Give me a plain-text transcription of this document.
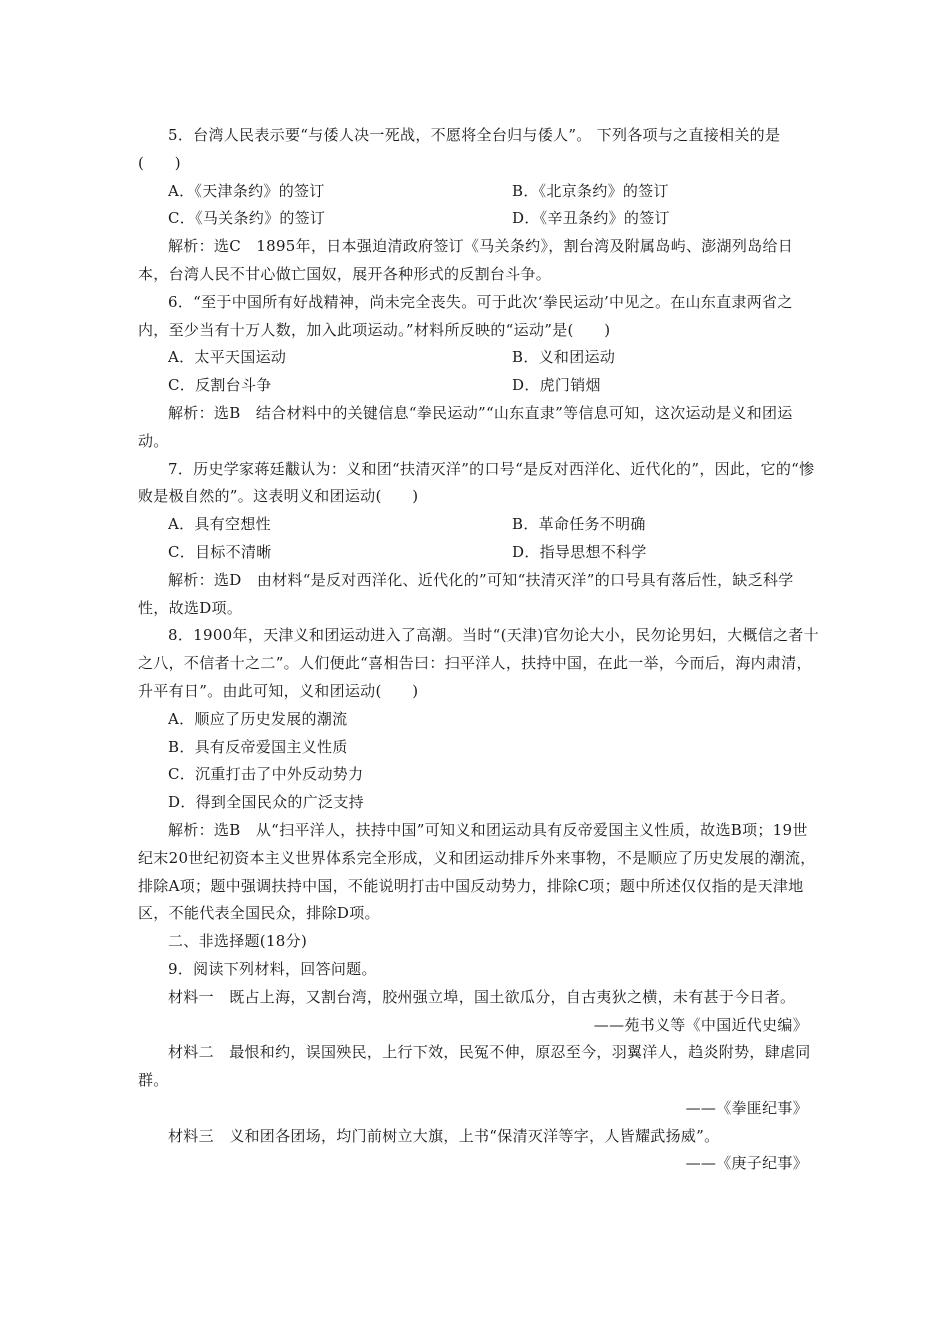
5．台湾人民表示要“与倭人决一死战，不愿将全台归与倭人”。 下列各项与之直接相关的是(　　)

A．《天津条约》的签订	B．《北京条约》的签订
C．《马关条约》的签订	D．《辛丑条约》的签订

解析：选C　1895年，日本强迫清政府签订《马关条约》，割台湾及附属岛屿、澎湖列岛给日本，台湾人民不甘心做亡国奴，展开各种形式的反割台斗争。

6．“至于中国所有好战精神，尚未完全丧失。可于此次‘拳民运动’中见之。在山东直隶两省之内，至少当有十万人数，加入此项运动。”材料所反映的“运动”是(　　)

A．太平天国运动	B．义和团运动
C．反割台斗争	D．虎门销烟

解析：选B　结合材料中的关键信息“拳民运动”“山东直隶”等信息可知，这次运动是义和团运动。

7．历史学家蒋廷黻认为：义和团“扶清灭洋”的口号“是反对西洋化、近代化的”，因此，它的“惨败是极自然的”。这表明义和团运动(　　)

A．具有空想性	B．革命任务不明确
C．目标不清晰	D．指导思想不科学

解析：选D　由材料“是反对西洋化、近代化的”可知“扶清灭洋”的口号具有落后性，缺乏科学性，故选D项。

8．1900年，天津义和团运动进入了高潮。当时“(天津)官勿论大小，民勿论男妇，大概信之者十之八，不信者十之二”。人们便此“喜相告曰：扫平洋人，扶持中国，在此一举，今而后，海内肃清，升平有日”。由此可知，义和团运动(　　)

A．顺应了历史发展的潮流

B．具有反帝爱国主义性质

C．沉重打击了中外反动势力

D．得到全国民众的广泛支持

解析：选B　从“扫平洋人，扶持中国”可知义和团运动具有反帝爱国主义性质，故选B项；19世纪末20世纪初资本主义世界体系完全形成，义和团运动排斥外来事物，不是顺应了历史发展的潮流，排除A项；题中强调扶持中国，不能说明打击中国反动势力，排除C项；题中所述仅仅指的是天津地区，不能代表全国民众，排除D项。

二、非选择题(18分)

9．阅读下列材料，回答问题。

材料一　既占上海，又割台湾，胶州强立埠，国土欲瓜分，自古夷狄之横，未有甚于今日者。

——苑书义等《中国近代史编》

材料二　最恨和约，误国殃民，上行下效，民冤不伸，原忍至今，羽翼洋人，趋炎附势，肆虐同群。

——《拳匪纪事》

材料三　义和团各团场，均门前树立大旗，上书“保清灭洋等字，人皆耀武扬威”。

——《庚子纪事》
